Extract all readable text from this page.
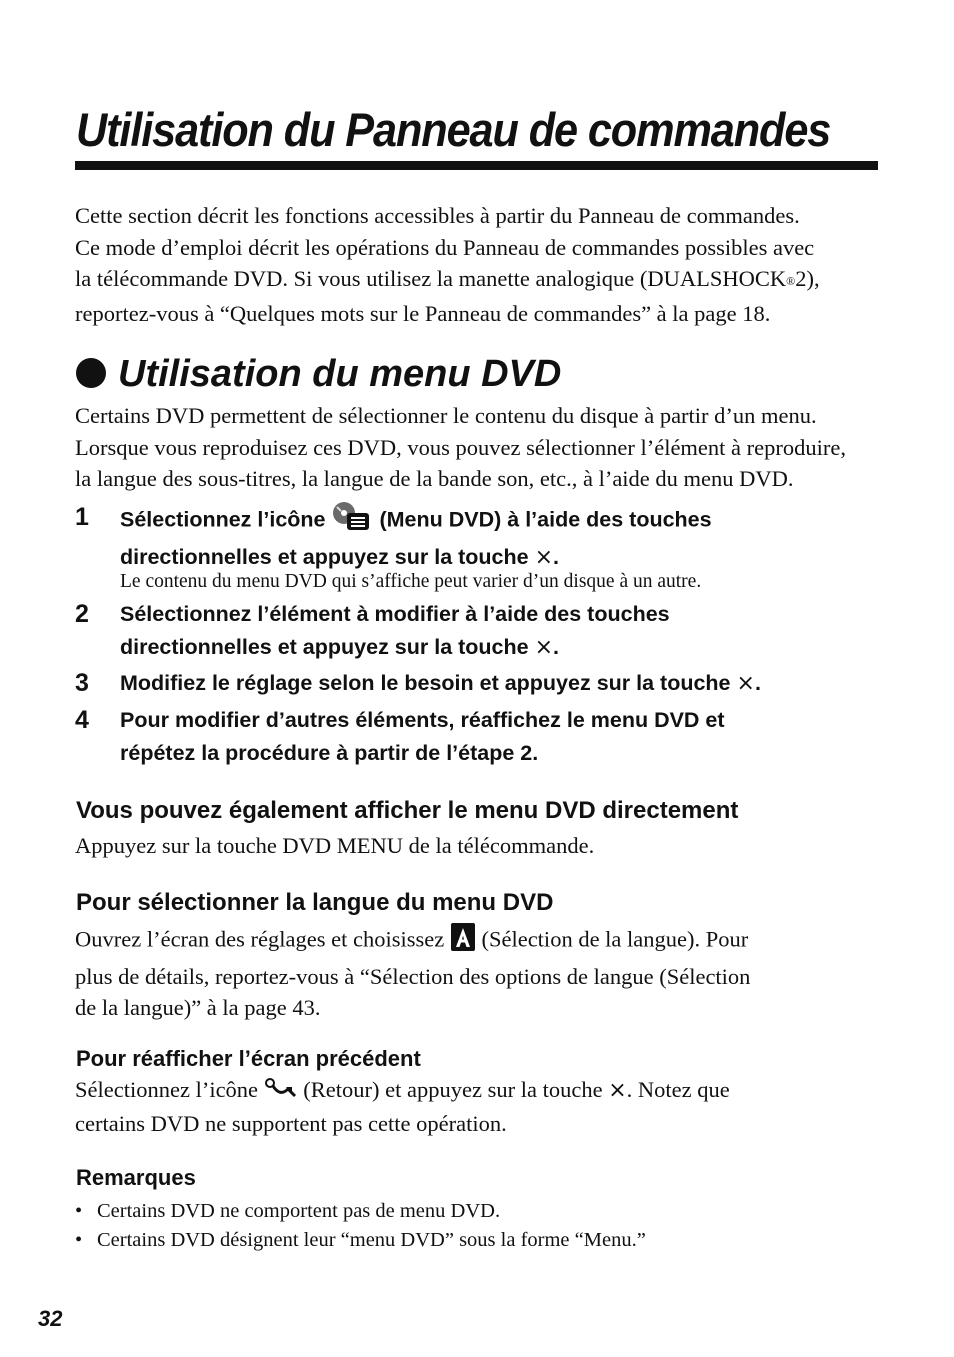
Utilisation du Panneau de commandes
Cette section décrit les fonctions accessibles à partir du Panneau de commandes.
Ce mode d’emploi décrit les opérations du Panneau de commandes possibles avec
la télécommande DVD. Si vous utilisez la manette analogique (DUALSHOCK®2),
reportez-vous à “Quelques mots sur le Panneau de commandes” à la page 18.
Utilisation du menu DVD
Certains DVD permettent de sélectionner le contenu du disque à partir d’un menu.
Lorsque vous reproduisez ces DVD, vous pouvez sélectionner l’élément à reproduire,
la langue des sous-titres, la langue de la bande son, etc., à l’aide du menu DVD.
1 Sélectionnez l’icône	(Menu DVD) à l’aide des touches
directionnelles et appuyez sur la touche ×.
Le contenu du menu DVD qui s’affiche peut varier d’un disque à un autre.
2 Sélectionnez l’élément à modifier à l’aide des touches
directionnelles et appuyez sur la touche ×.
3 Modifiez le réglage selon le besoin et appuyez sur la touche ×.
4 Pour modifier d’autres éléments, réaffichez le menu DVD et
répétez la procédure à partir de l’étape 2.
Vous pouvez également afficher le menu DVD directement
Appuyez sur la touche DVD MENU de la télécommande.
Pour sélectionner la langue du menu DVD
Ouvrez l’écran des réglages et choisissez
A
(Sélection de la langue). Pour
plus de détails, reportez-vous à “Sélection des options de langue (Sélection
de la langue)” à la page 43.
Pour réafficher l’écran précédent
Sélectionnez l’icône (Retour) et appuyez sur la touche ×. Notez que
certains DVD ne supportent pas cette opération.
Remarques
• Certains DVD ne comportent pas de menu DVD.
• Certains DVD désignent leur “menu DVD” sous la forme “Menu.”
32
